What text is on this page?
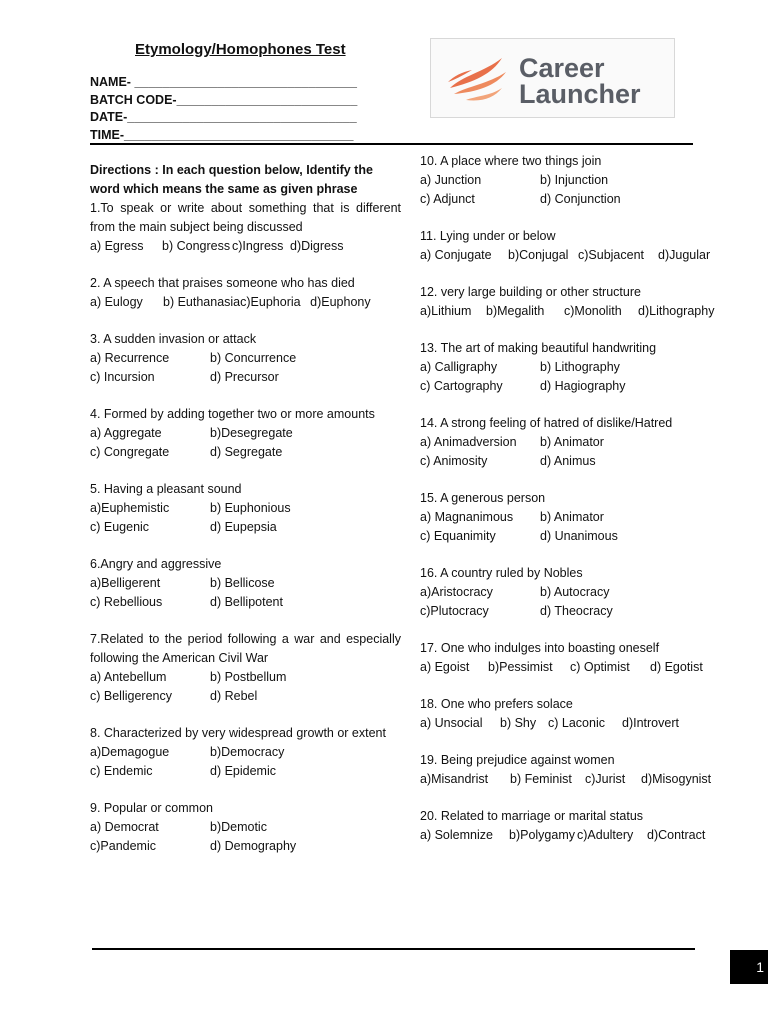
Etymology/Homophones Test
NAME- ________________________________
BATCH CODE-__________________________
DATE-_________________________________
TIME-_________________________________
Career
Launcher
Directions : In each question below, Identify the word which means the same as given phrase
1.To speak or write about something that is different from the main subject being discussed
a) Egress	b) Congress c)Ingress d)Digress
2. A speech that praises someone who has died
a) Eulogy	b) Euthanasia c)Euphoria d)Euphony
3. A sudden invasion or attack
a) Recurrence	b) Concurrence
c) Incursion	d) Precursor
4. Formed by adding together two or more amounts
a) Aggregate	b)Desegregate
c) Congregate	d) Segregate
5. Having a pleasant sound
a)Euphemistic	b) Euphonious
c) Eugenic	d) Eupepsia
6.Angry and aggressive
a)Belligerent	b) Bellicose
c) Rebellious	d) Bellipotent
7.Related to the period following a war and especially following the American Civil War
a) Antebellum	b) Postbellum
c) Belligerency	d) Rebel
8. Characterized by very widespread growth or extent
a)Demagogue	b)Democracy
c) Endemic	d) Epidemic
9. Popular or common
a) Democrat	b)Demotic
c)Pandemic	d) Demography
10. A place where two things join
a) Junction	b) Injunction
c) Adjunct	d) Conjunction
11. Lying under or below
a) Conjugate	b)Conjugal c)Subjacent	d)Jugular
12. very large building or other structure
a)Lithium	b)Megalith	c)Monolith	d)Lithography
13. The art of making beautiful handwriting
a) Calligraphy	b) Lithography
c) Cartography	d) Hagiography
14. A strong feeling of hatred of dislike/Hatred
a) Animadversion	b) Animator
c) Animosity	d) Animus
15. A generous person
a) Magnanimous	b) Animator
c) Equanimity	d) Unanimous
16. A country ruled by Nobles
a)Aristocracy	b) Autocracy
c)Plutocracy	d) Theocracy
17. One who indulges into boasting oneself
a) Egoist	b)Pessimist	c) Optimist	d) Egotist
18. One who prefers solace
a) Unsocial	b) Shy c) Laconic	d)Introvert
19. Being prejudice against women
a)Misandrist	b) Feminist	c)Jurist	d)Misogynist
20. Related to marriage or marital status
a) Solemnize	b)Polygamy c)Adultery	d)Contract
1
